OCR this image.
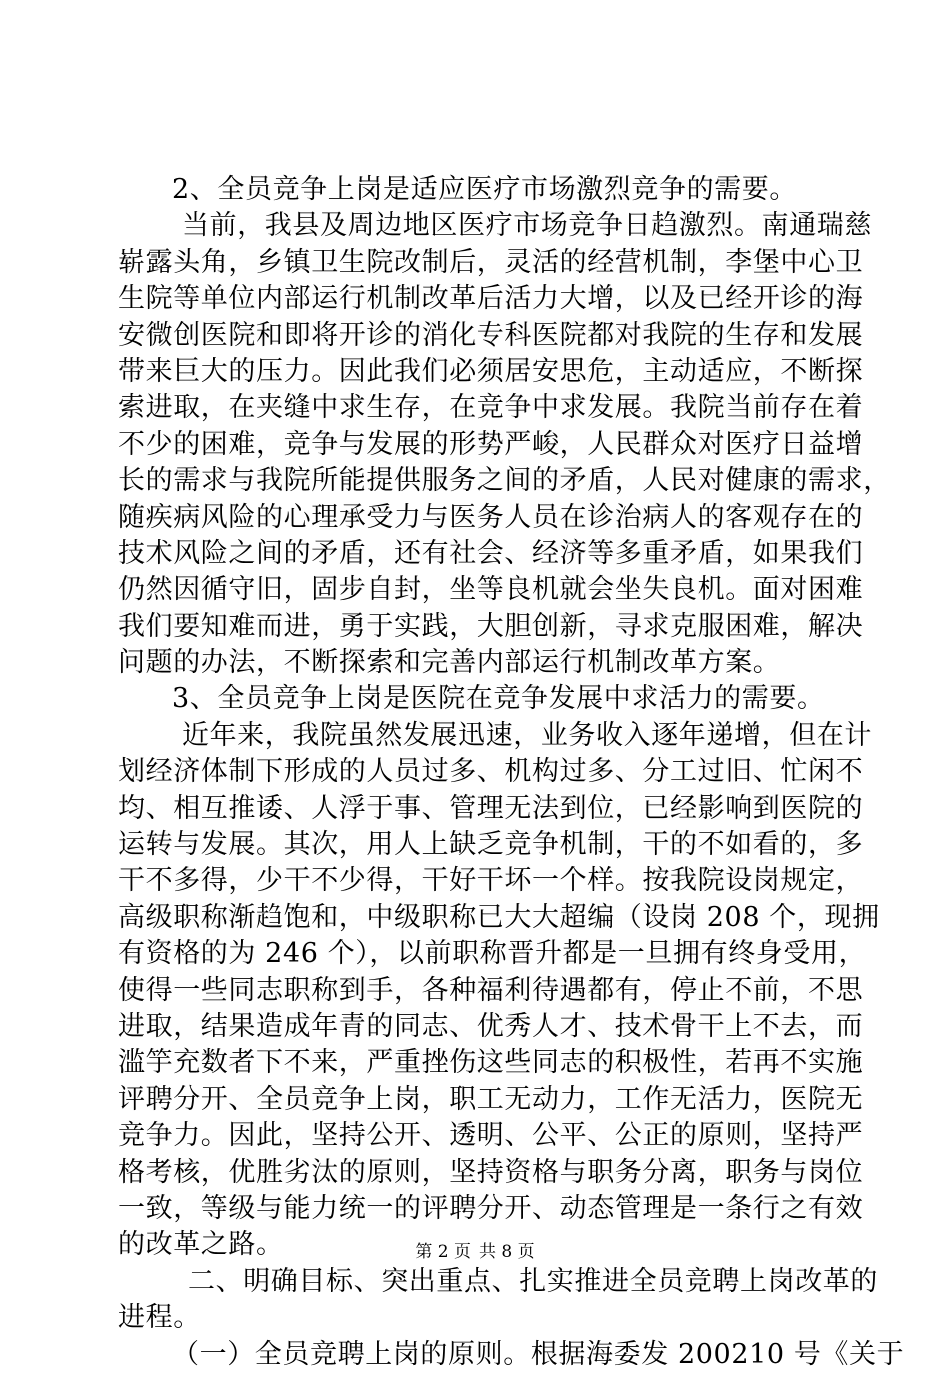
2、全员竞争上岗是适应医疗市场激烈竞争的需要。
当前，我县及周边地区医疗市场竞争日趋激烈。南通瑞慈
崭露头角，乡镇卫生院改制后，灵活的经营机制，李堡中心卫
生院等单位内部运行机制改革后活力大增，以及已经开诊的海
安微创医院和即将开诊的消化专科医院都对我院的生存和发展
带来巨大的压力。因此我们必须居安思危，主动适应，不断探
索进取，在夹缝中求生存，在竞争中求发展。我院当前存在着
不少的困难，竞争与发展的形势严峻，人民群众对医疗日益增
长的需求与我院所能提供服务之间的矛盾，人民对健康的需求，
随疾病风险的心理承受力与医务人员在诊治病人的客观存在的
技术风险之间的矛盾，还有社会、经济等多重矛盾，如果我们
仍然因循守旧，固步自封，坐等良机就会坐失良机。面对困难
我们要知难而进，勇于实践，大胆创新，寻求克服困难，解决
问题的办法，不断探索和完善内部运行机制改革方案。
3、全员竞争上岗是医院在竞争发展中求活力的需要。
近年来，我院虽然发展迅速，业务收入逐年递增，但在计
划经济体制下形成的人员过多、机构过多、分工过旧、忙闲不
均、相互推诿、人浮于事、管理无法到位，已经影响到医院的
运转与发展。其次，用人上缺乏竞争机制，干的不如看的，多
干不多得，少干不少得，干好干坏一个样。按我院设岗规定，
高级职称渐趋饱和，中级职称已大大超编（设岗 208 个，现拥
有资格的为 246 个），以前职称晋升都是一旦拥有终身受用，
使得一些同志职称到手，各种福利待遇都有，停止不前，不思
进取，结果造成年青的同志、优秀人才、技术骨干上不去，而
滥竽充数者下不来，严重挫伤这些同志的积极性，若再不实施
评聘分开、全员竞争上岗，职工无动力，工作无活力，医院无
竞争力。因此，坚持公开、透明、公平、公正的原则，坚持严
格考核，优胜劣汰的原则，坚持资格与职务分离，职务与岗位
一致，等级与能力统一的评聘分开、动态管理是一条行之有效
的改革之路。
二、明确目标、突出重点、扎实推进全员竞聘上岗改革的
进程。
（一）全员竞聘上岗的原则。根据海委发 200210 号《关于
第 2 页 共 8 页
